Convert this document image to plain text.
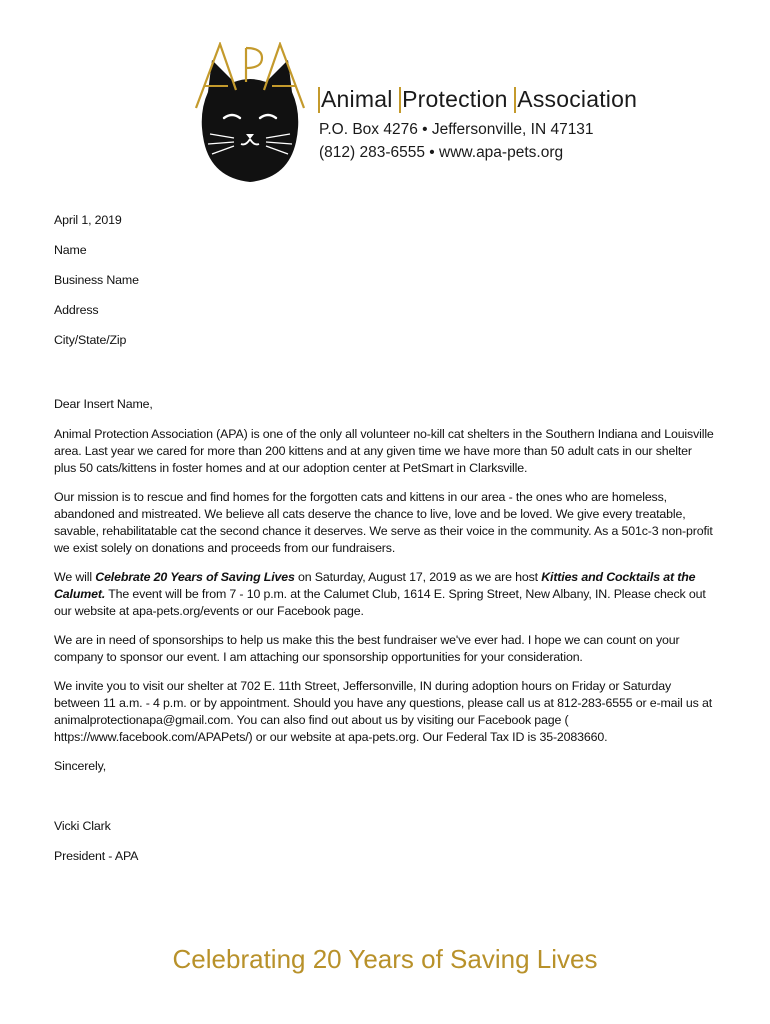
Animal Protection Association
P.O. Box 4276 • Jeffersonville, IN 47131
(812) 283-6555 • www.apa-pets.org
April 1, 2019
Name
Business Name
Address
City/State/Zip
Dear Insert Name,

Animal Protection Association (APA) is one of the only all volunteer no-kill cat shelters in the Southern Indiana and Louisville area. Last year we cared for more than 200 kittens and at any given time we have more than 50 adult cats in our shelter plus 50 cats/kittens in foster homes and at our adoption center at PetSmart in Clarksville.

Our mission is to rescue and find homes for the forgotten cats and kittens in our area - the ones who are homeless, abandoned and mistreated. We believe all cats deserve the chance to live, love and be loved. We give every treatable, savable, rehabilitatable cat the second chance it deserves. We serve as their voice in the community. As a 501c-3 non-profit we exist solely on donations and proceeds from our fundraisers.

We will Celebrate 20 Years of Saving Lives on Saturday, August 17, 2019 as we are host Kitties and Cocktails at the Calumet. The event will be from 7 - 10 p.m. at the Calumet Club, 1614 E. Spring Street, New Albany, IN. Please check out our website at apa-pets.org/events or our Facebook page.

We are in need of sponsorships to help us make this the best fundraiser we've ever had. I hope we can count on your company to sponsor our event. I am attaching our sponsorship opportunities for your consideration.

We invite you to visit our shelter at 702 E. 11th Street, Jeffersonville, IN during adoption hours on Friday or Saturday between 11 a.m. - 4 p.m. or by appointment. Should you have any questions, please call us at 812-283-6555 or e-mail us at animalprotectionapa@gmail.com. You can also find out about us by visiting our Facebook page ( https://www.facebook.com/APAPets/) or our website at apa-pets.org. Our Federal Tax ID is 35-2083660.

Sincerely,
Vicki Clark
President - APA
Celebrating 20 Years of Saving Lives
